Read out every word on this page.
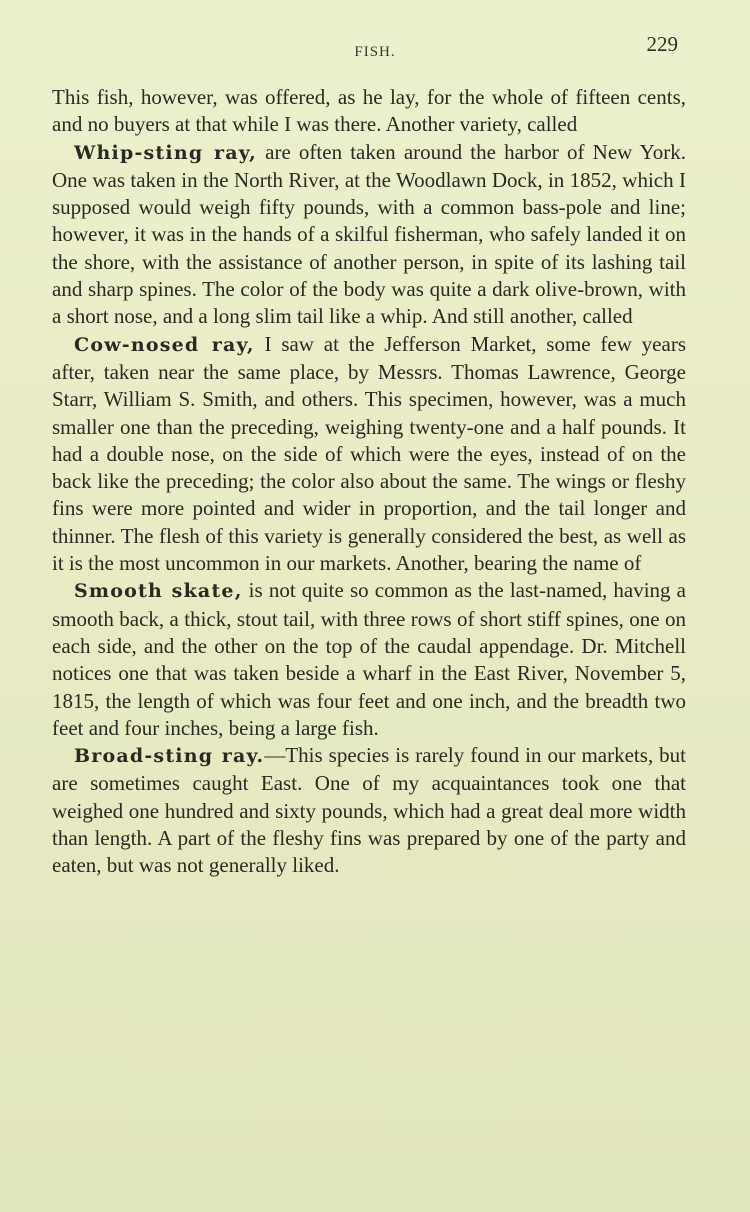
FISH.	229

This fish, however, was offered, as he lay, for the whole of fifteen cents, and no buyers at that while I was there. Another variety, called

Whip-sting ray, are often taken around the harbor of New York. One was taken in the North River, at the Woodlawn Dock, in 1852, which I supposed would weigh fifty pounds, with a common bass-pole and line; however, it was in the hands of a skilful fisherman, who safely landed it on the shore, with the assistance of another person, in spite of its lashing tail and sharp spines. The color of the body was quite a dark olive-brown, with a short nose, and a long slim tail like a whip. And still another, called

Cow-nosed ray, I saw at the Jefferson Market, some few years after, taken near the same place, by Messrs. Thomas Lawrence, George Starr, William S. Smith, and others. This specimen, however, was a much smaller one than the preceding, weighing twenty-one and a half pounds. It had a double nose, on the side of which were the eyes, instead of on the back like the preceding; the color also about the same. The wings or fleshy fins were more pointed and wider in proportion, and the tail longer and thinner. The flesh of this variety is generally considered the best, as well as it is the most uncommon in our markets. Another, bearing the name of

Smooth skate, is not quite so common as the last-named, having a smooth back, a thick, stout tail, with three rows of short stiff spines, one on each side, and the other on the top of the caudal appendage. Dr. Mitchell notices one that was taken beside a wharf in the East River, November 5, 1815, the length of which was four feet and one inch, and the breadth two feet and four inches, being a large fish.

Broad-sting ray.—This species is rarely found in our markets, but are sometimes caught East. One of my acquaintances took one that weighed one hundred and sixty pounds, which had a great deal more width than length. A part of the fleshy fins was prepared by one of the party and eaten, but was not generally liked.
